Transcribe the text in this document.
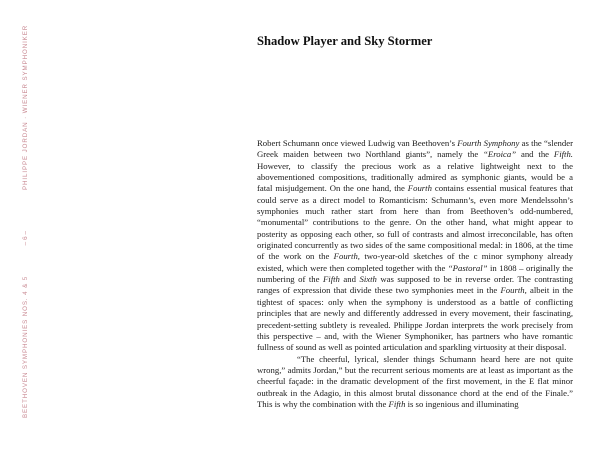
PHILIPPE JORDAN · WIENER SYMPHONIKER
– 6 –
BEETHOVEN SYMPHONIES NOS. 4 & 5
Shadow Player and Sky Stormer

Robert Schumann once viewed Ludwig van Beethoven’s Fourth Symphony as the “slender Greek maiden between two Northland giants”, namely the “Eroica” and the Fifth. However, to classify the precious work as a relative lightweight next to the abovementioned compositions, traditionally admired as symphonic giants, would be a fatal misjudgement. On the one hand, the Fourth contains essential musical features that could serve as a direct model to Romanticism: Schumann’s, even more Mendelssohn’s symphonies much rather start from here than from Beethoven’s odd-numbered, “monumental” contributions to the genre. On the other hand, what might appear to posterity as opposing each other, so full of contrasts and almost irreconcilable, has often originated concurrently as two sides of the same compositional medal: in 1806, at the time of the work on the Fourth, two-year-old sketches of the c minor symphony already existed, which were then completed together with the “Pastoral” in 1808 – originally the numbering of the Fifth and Sixth was supposed to be in reverse order. The contrasting ranges of expression that divide these two symphonies meet in the Fourth, albeit in the tightest of spaces: only when the symphony is understood as a battle of conflicting principles that are newly and differently addressed in every movement, their fascinating, precedent-setting subtlety is revealed. Philippe Jordan interprets the work precisely from this perspective – and, with the Wiener Symphoniker, has partners who have romantic fullness of sound as well as pointed articulation and sparkling virtuosity at their disposal.

“The cheerful, lyrical, slender things Schumann heard here are not quite wrong,” admits Jordan,” but the recurrent serious moments are at least as important as the cheerful façade: in the dramatic development of the first movement, in the E flat minor outbreak in the Adagio, in this almost brutal dissonance chord at the end of the Finale.” This is why the combination with the Fifth is so ingenious and illuminating
